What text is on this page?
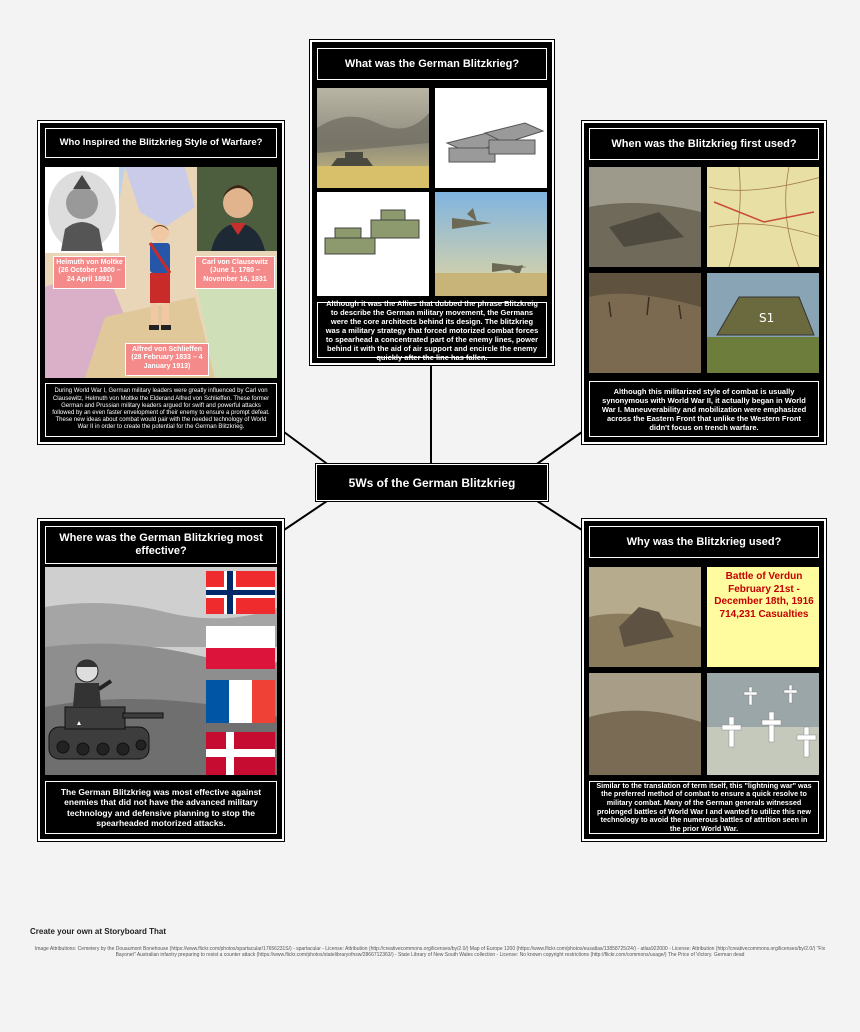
What was the German Blitzkrieg?
Although it was the Allies that dubbed the phrase Blitzkreig to describe the German military movement, the Germans were the core architects behind its design. The blitzkrieg was a military strategy that forced motorized combat forces to spearhead a concentrated part of the enemy lines, power behind it with the aid of air support and encircle the enemy quickly after the line has fallen.
Who Inspired the Blitzkrieg Style of Warfare?
Helmuth von Moltke (26 October 1800 – 24 April 1891)
Carl von Clausewitz (June 1, 1780 – November 16, 1831
Alfred von Schlieffen (28 February 1833 – 4 January 1913)
During World War I, German military leaders were greatly influenced by Carl von Clausewitz, Helmuth von Moltke the Elderand Alfred von Schlieffen. These former German and Prussian military leaders argued for swift and powerful attacks followed by an even faster envelopment of their enemy to ensure a prompt defeat. These new ideas about combat would pair with the needed technology of World War II in order to create the potential for the German Blitzkrieg.
When was the Blitzkrieg first used?
S1
Although this militarized style of combat is usually synonymous with World War II, it actually began in World War I. Maneuverability and mobilization were emphasized across the Eastern Front that unlike the Western Front didn't focus on trench warfare.
5Ws of the German Blitzkrieg
Where was the German Blitzkrieg most effective?
The German Blitzkrieg was most effective against enemies that did not have the advanced military technology and defensive planning to stop the spearheaded motorized attacks.
Why was the Blitzkrieg used?
Battle of Verdun February 21st - December 18th, 1916 714,231 Casualties
Similar to the translation of term itself, this "lightning war" was the preferred method of combat to ensure a quick resolve to military combat. Many of the German generals witnessed prolonged battles of World War I and wanted to utilize this new technology to avoid the numerous battles of attrition seen in the prior World War.
Create your own at Storyboard That
Image Attributions: Cemetery by the Douaumont Bonehouse (https://www.flickr.com/photos/spartacular/17656231S/) - spartacular - License: Attribution (http://creativecommons.org/licenses/by/2.0/) Map of Europe 1200 (https://www.flickr.com/photos/eusatlas/13858725/24/) - atlas922000 - License: Attribution (http://creativecommons.org/licenses/by/2.0/) "Fix Bayonet" Australian infantry preparing to resist a counter attack (https://www.flickr.com/photos/statelibraryofnsw/2866712363/) - State Library of New South Wales collection - License: No known copyright restrictions (http://flickr.com/commons/usage/) The Price of Victory. German dead
